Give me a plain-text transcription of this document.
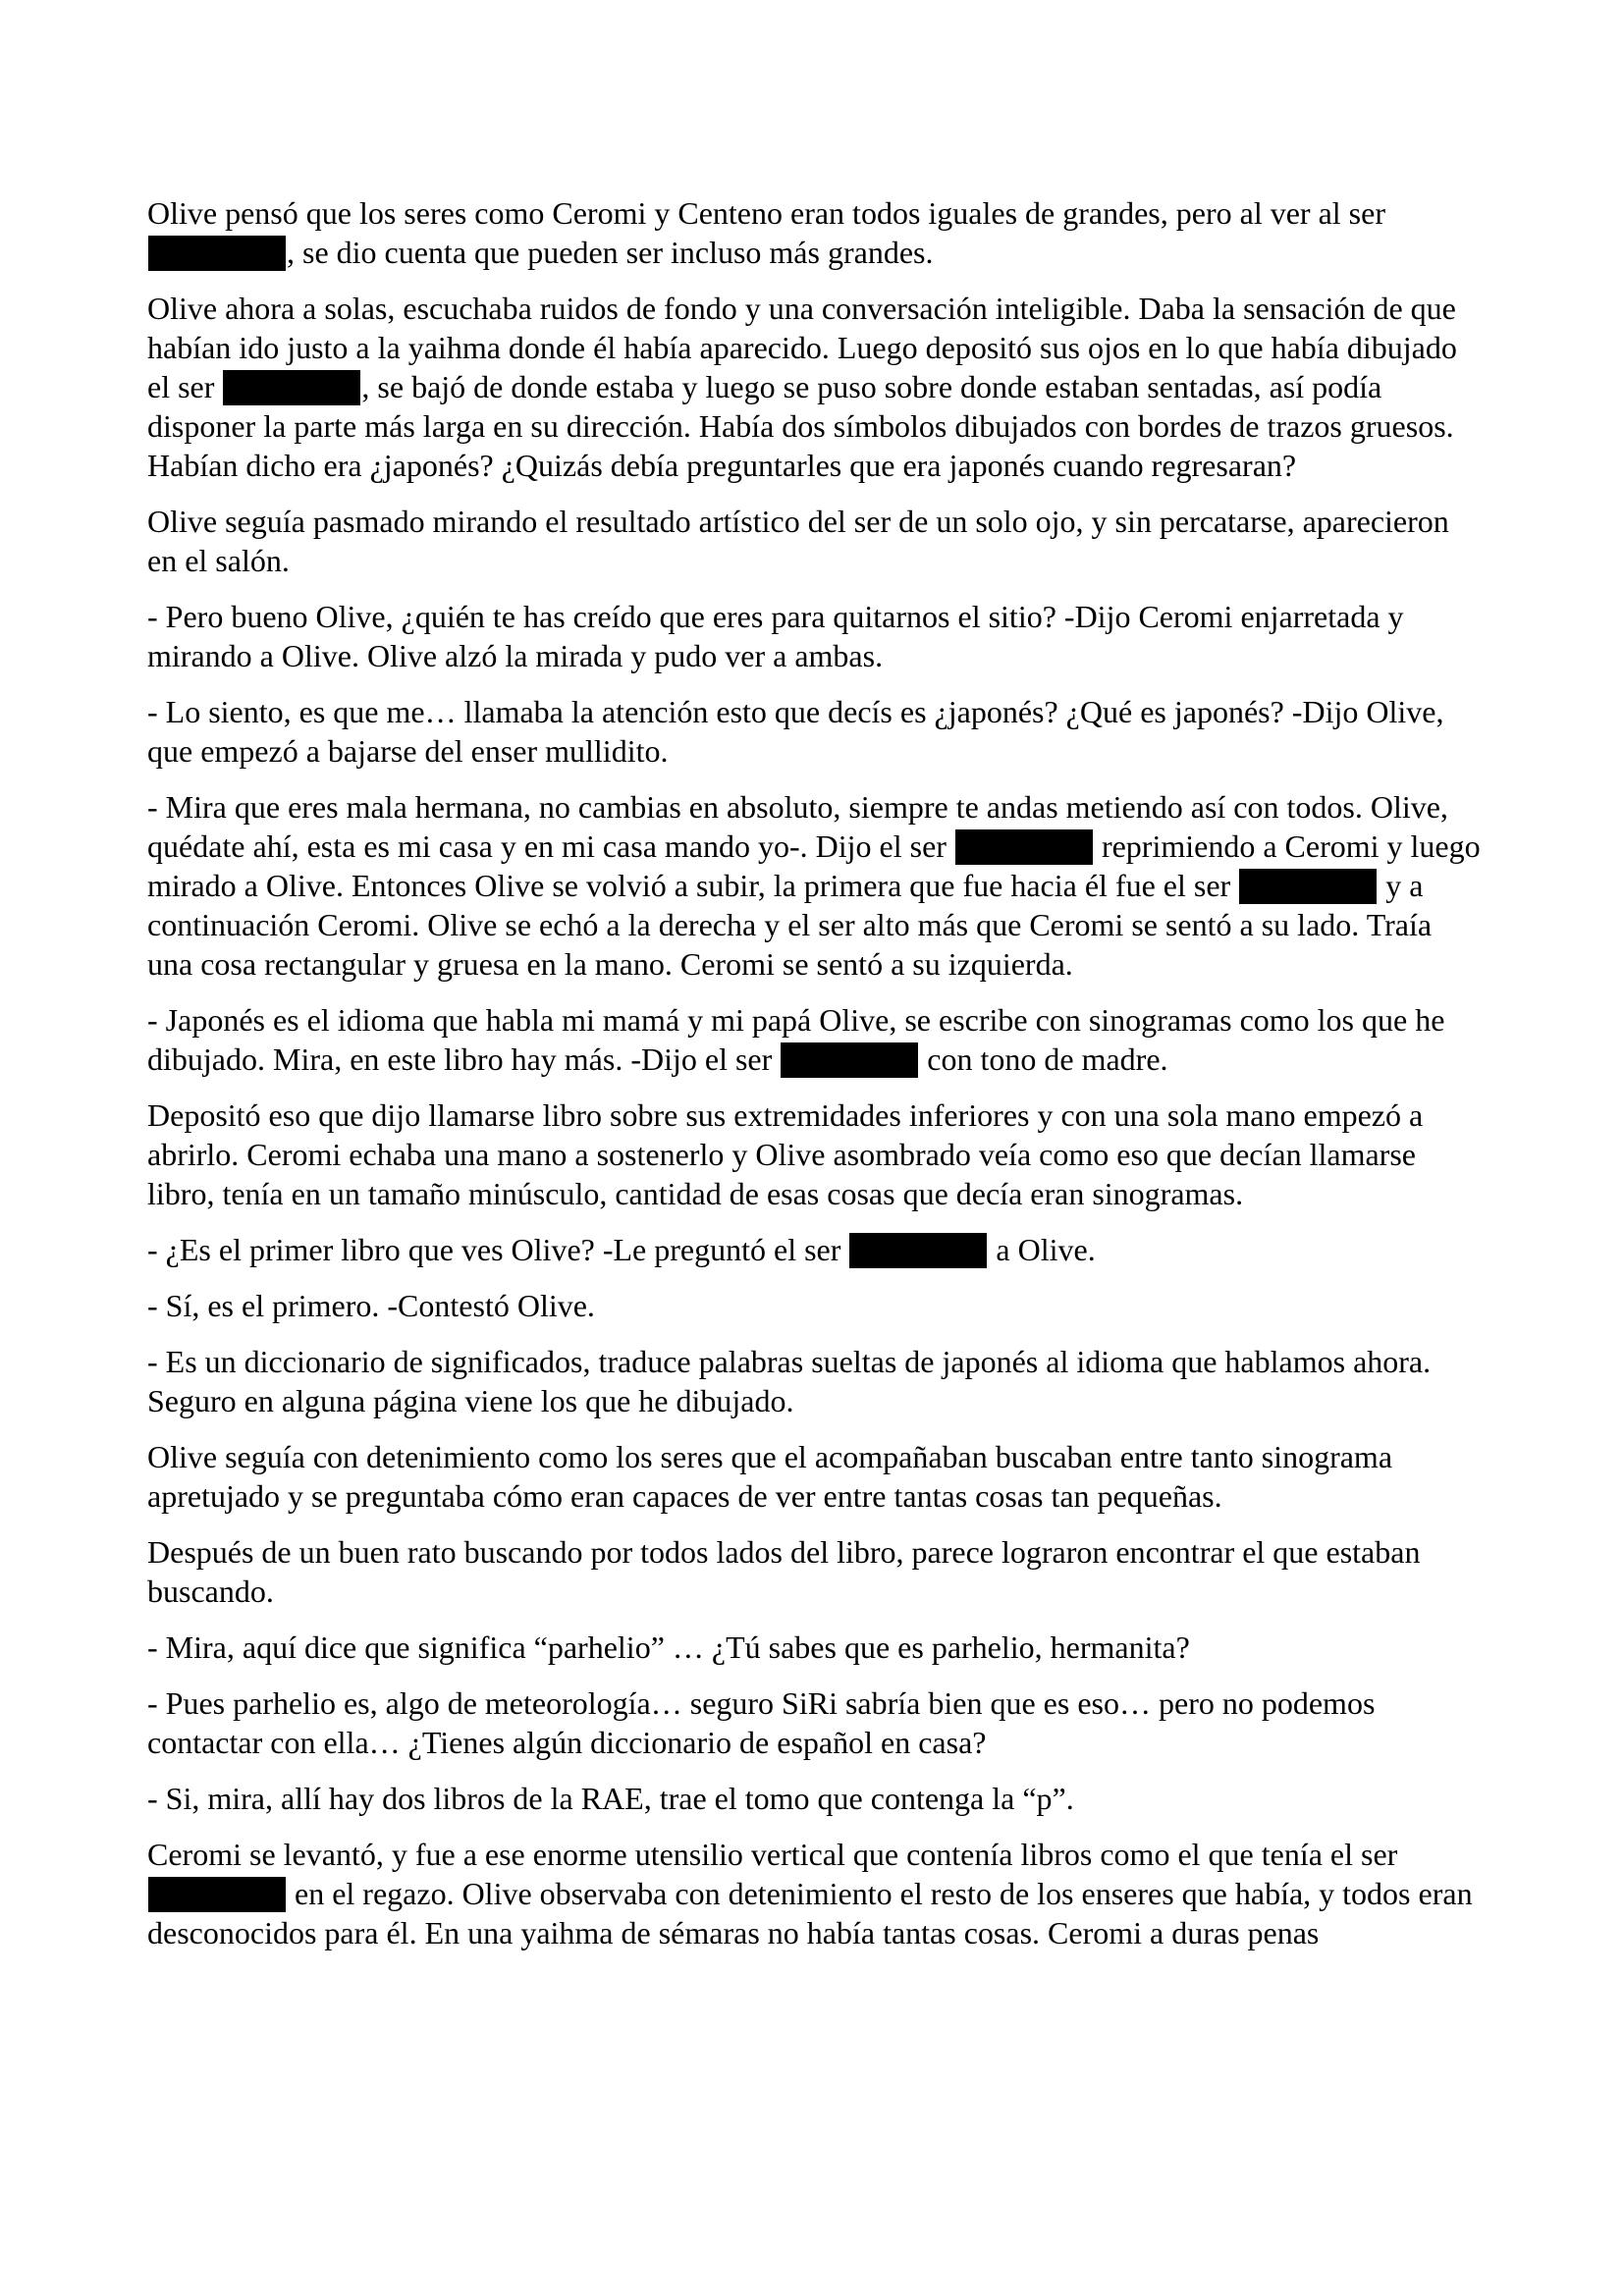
Olive pensó que los seres como Ceromi y Centeno eran todos iguales de grandes, pero al ver al ser , se dio cuenta que pueden ser incluso más grandes.

Olive ahora a solas, escuchaba ruidos de fondo y una conversación inteligible. Daba la sensación de que habían ido justo a la yaihma donde él había aparecido. Luego depositó sus ojos en lo que había dibujado el ser	, se bajó de donde estaba y luego se puso sobre donde estaban sentadas, así podía disponer la parte más larga en su dirección. Había dos símbolos dibujados con bordes de trazos gruesos. Habían dicho era ¿japonés? ¿Quizás debía preguntarles que era japonés cuando regresaran?

Olive seguía pasmado mirando el resultado artístico del ser de un solo ojo, y sin percatarse, aparecieron en el salón.

- Pero bueno Olive, ¿quién te has creído que eres para quitarnos el sitio? -Dijo Ceromi enjarretada y mirando a Olive. Olive alzó la mirada y pudo ver a ambas.

- Lo siento, es que me… llamaba la atención esto que decís es ¿japonés? ¿Qué es japonés? -Dijo Olive, que empezó a bajarse del enser mullidito.

- Mira que eres mala hermana, no cambias en absoluto, siempre te andas metiendo así con todos. Olive, quédate ahí, esta es mi casa y en mi casa mando yo-. Dijo el ser	reprimiendo a Ceromi y luego mirado a Olive. Entonces Olive se volvió a subir, la primera que fue hacia él fue el ser	y a continuación Ceromi. Olive se echó a la derecha y el ser alto más que Ceromi se sentó a su lado. Traía una cosa rectangular y gruesa en la mano. Ceromi se sentó a su izquierda.

- Japonés es el idioma que habla mi mamá y mi papá Olive, se escribe con sinogramas como los que he dibujado. Mira, en este libro hay más. -Dijo el ser	con tono de madre.

Depositó eso que dijo llamarse libro sobre sus extremidades inferiores y con una sola mano empezó a abrirlo. Ceromi echaba una mano a sostenerlo y Olive asombrado veía como eso que decían llamarse libro, tenía en un tamaño minúsculo, cantidad de esas cosas que decía eran sinogramas.

- ¿Es el primer libro que ves Olive? -Le preguntó el ser	a Olive.

- Sí, es el primero. -Contestó Olive.

- Es un diccionario de significados, traduce palabras sueltas de japonés al idioma que hablamos ahora. Seguro en alguna página viene los que he dibujado.

Olive seguía con detenimiento como los seres que el acompañaban buscaban entre tanto sinograma apretujado y se preguntaba cómo eran capaces de ver entre tantas cosas tan pequeñas.

Después de un buen rato buscando por todos lados del libro, parece lograron encontrar el que estaban buscando.

- Mira, aquí dice que significa “parhelio” … ¿Tú sabes que es parhelio, hermanita?

- Pues parhelio es, algo de meteorología… seguro SiRi sabría bien que es eso… pero no podemos contactar con ella… ¿Tienes algún diccionario de español en casa?

- Si, mira, allí hay dos libros de la RAE, trae el tomo que contenga la “p”.

Ceromi se levantó, y fue a ese enorme utensilio vertical que contenía libros como el que tenía el ser  en el regazo. Olive observaba con detenimiento el resto de los enseres que había, y todos eran desconocidos para él. En una yaihma de sémaras no había tantas cosas. Ceromi a duras penas
